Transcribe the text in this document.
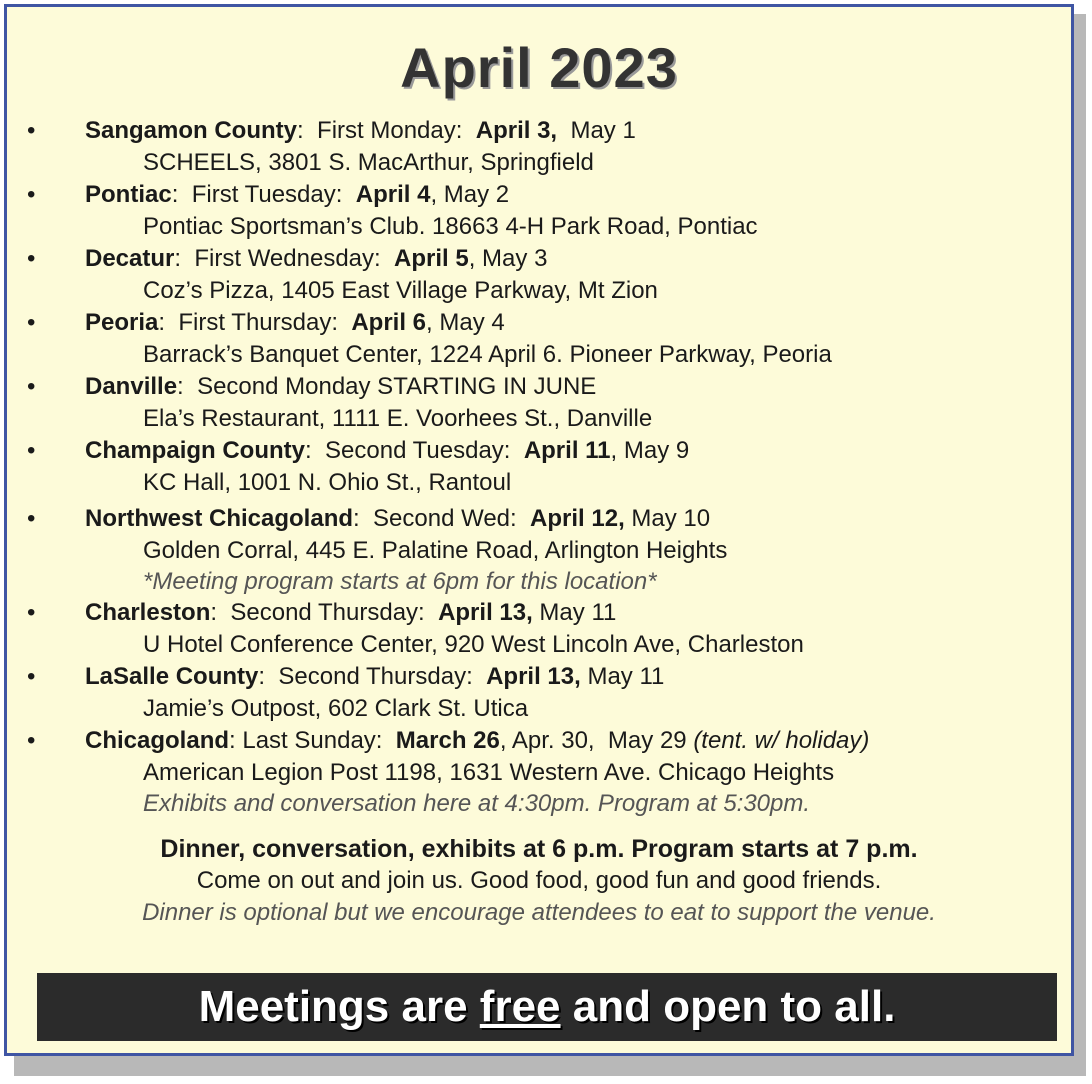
April 2023
•	Sangamon County:  First Monday:  April 3,  May 1
SCHEELS, 3801 S. MacArthur, Springfield
•	Pontiac:  First Tuesday:  April 4, May 2
Pontiac Sportsman’s Club. 18663 4-H Park Road, Pontiac
•	Decatur:  First Wednesday:  April 5, May 3
Coz’s Pizza, 1405 East Village Parkway, Mt Zion
•	Peoria:  First Thursday:  April 6, May 4
Barrack’s Banquet Center, 1224 April 6. Pioneer Parkway, Peoria
•	Danville:  Second Monday STARTING IN JUNE
Ela’s Restaurant, 1111 E. Voorhees St., Danville
•	Champaign County:  Second Tuesday:  April 11, May 9
KC Hall, 1001 N. Ohio St., Rantoul
•	Northwest Chicagoland:  Second Wed:  April 12, May 10
Golden Corral, 445 E. Palatine Road, Arlington Heights
*Meeting program starts at 6pm for this location*
•	Charleston:  Second Thursday:  April 13, May 11
U Hotel Conference Center, 920 West Lincoln Ave, Charleston
•	LaSalle County:  Second Thursday:  April 13, May 11
Jamie’s Outpost, 602 Clark St. Utica
•	Chicagoland: Last Sunday:  March 26, Apr. 30,  May 29 (tent. w/ holiday)
American Legion Post 1198, 1631 Western Ave. Chicago Heights
Exhibits and conversation here at 4:30pm. Program at 5:30pm.
Dinner, conversation, exhibits at 6 p.m. Program starts at 7 p.m.
Come on out and join us. Good food, good fun and good friends.
Dinner is optional but we encourage attendees to eat to support the venue.
Meetings are free and open to all.
